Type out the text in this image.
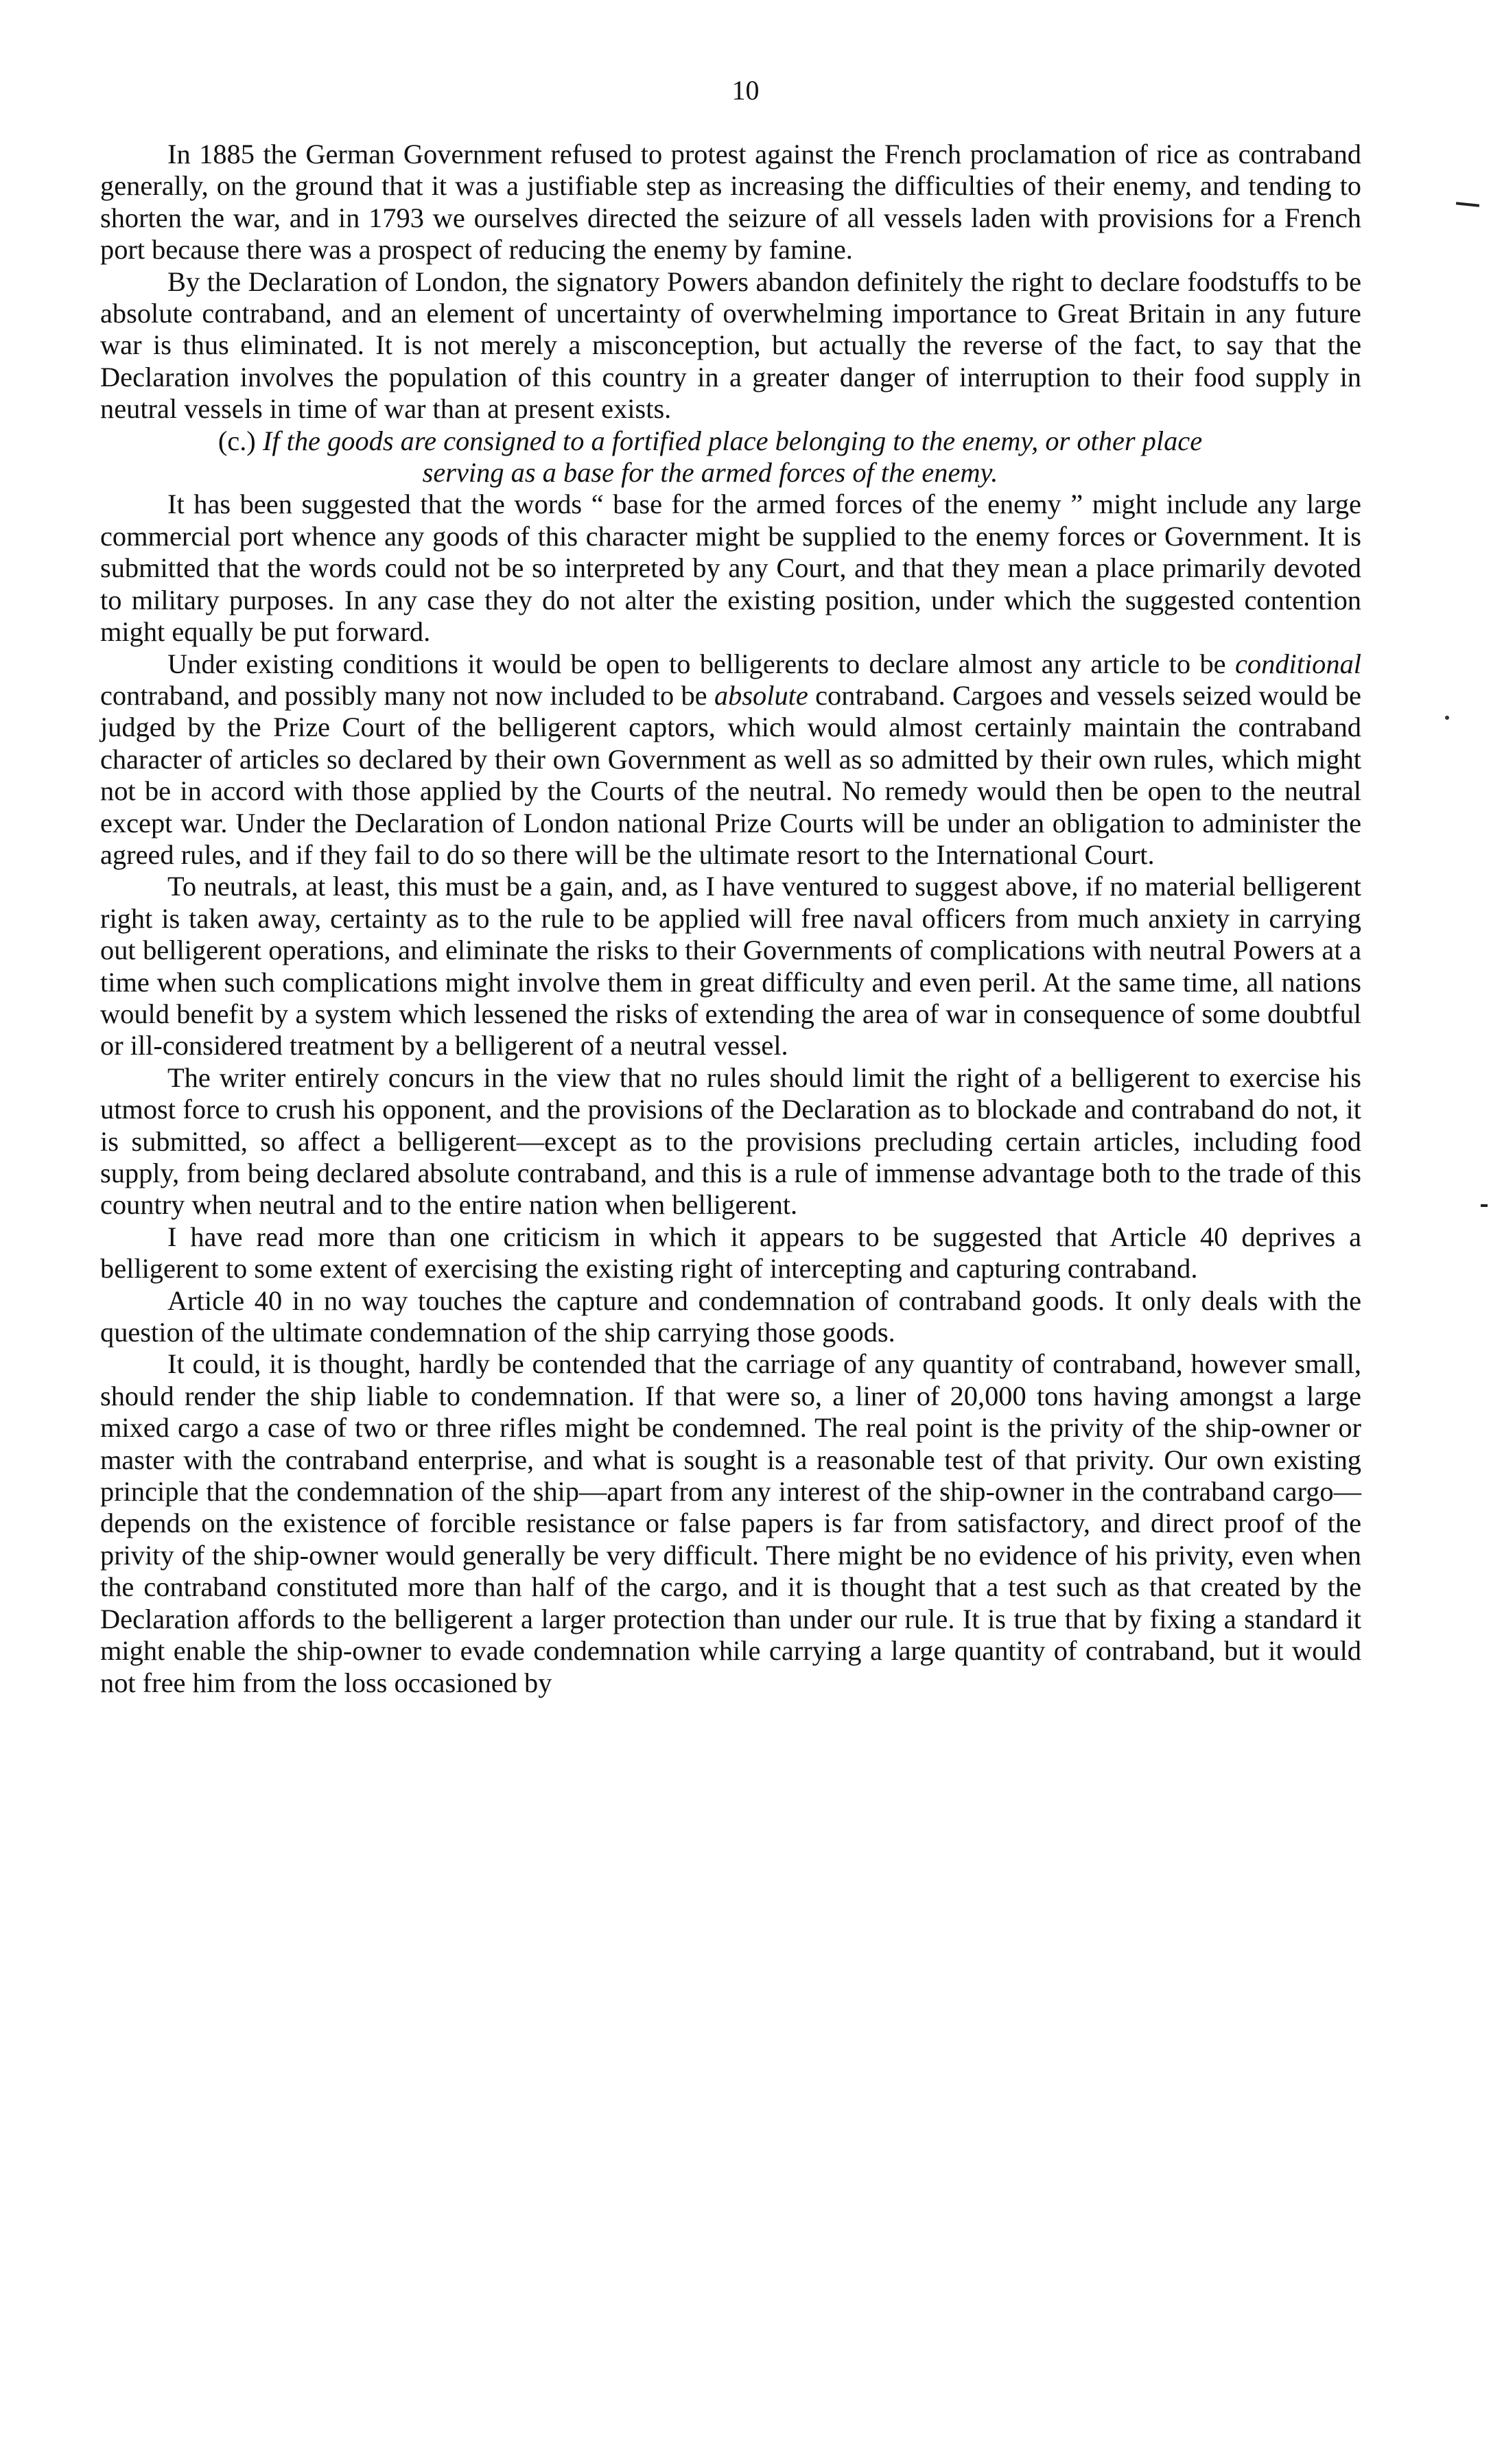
10

In 1885 the German Government refused to protest against the French proclamation of rice as contraband generally, on the ground that it was a justifiable step as increasing the difficulties of their enemy, and tending to shorten the war, and in 1793 we ourselves directed the seizure of all vessels laden with provisions for a French port because there was a prospect of reducing the enemy by famine.

By the Declaration of London, the signatory Powers abandon definitely the right to declare foodstuffs to be absolute contraband, and an element of uncertainty of overwhelming importance to Great Britain in any future war is thus eliminated. It is not merely a misconception, but actually the reverse of the fact, to say that the Declaration involves the population of this country in a greater danger of interruption to their food supply in neutral vessels in time of war than at present exists.

(c.) If the goods are consigned to a fortified place belonging to the enemy, or other place serving as a base for the armed forces of the enemy.

It has been suggested that the words “ base for the armed forces of the enemy ” might include any large commercial port whence any goods of this character might be supplied to the enemy forces or Government. It is submitted that the words could not be so interpreted by any Court, and that they mean a place primarily devoted to military purposes. In any case they do not alter the existing position, under which the suggested contention might equally be put forward.

Under existing conditions it would be open to belligerents to declare almost any article to be conditional contraband, and possibly many not now included to be absolute contraband. Cargoes and vessels seized would be judged by the Prize Court of the belligerent captors, which would almost certainly maintain the contraband character of articles so declared by their own Government as well as so admitted by their own rules, which might not be in accord with those applied by the Courts of the neutral. No remedy would then be open to the neutral except war. Under the Declaration of London national Prize Courts will be under an obligation to administer the agreed rules, and if they fail to do so there will be the ultimate resort to the International Court.

To neutrals, at least, this must be a gain, and, as I have ventured to suggest above, if no material belligerent right is taken away, certainty as to the rule to be applied will free naval officers from much anxiety in carrying out belligerent operations, and eliminate the risks to their Governments of complications with neutral Powers at a time when such complications might involve them in great difficulty and even peril. At the same time, all nations would benefit by a system which lessened the risks of extending the area of war in consequence of some doubtful or ill-considered treatment by a belligerent of a neutral vessel.

The writer entirely concurs in the view that no rules should limit the right of a belligerent to exercise his utmost force to crush his opponent, and the provisions of the Declaration as to blockade and contraband do not, it is submitted, so affect a belligerent—except as to the provisions precluding certain articles, including food supply, from being declared absolute contraband, and this is a rule of immense advantage both to the trade of this country when neutral and to the entire nation when belligerent.

I have read more than one criticism in which it appears to be suggested that Article 40 deprives a belligerent to some extent of exercising the existing right of intercepting and capturing contraband.

Article 40 in no way touches the capture and condemnation of contraband goods. It only deals with the question of the ultimate condemnation of the ship carrying those goods.

It could, it is thought, hardly be contended that the carriage of any quantity of contraband, however small, should render the ship liable to condemnation. If that were so, a liner of 20,000 tons having amongst a large mixed cargo a case of two or three rifles might be condemned. The real point is the privity of the ship-owner or master with the contraband enterprise, and what is sought is a reasonable test of that privity. Our own existing principle that the condemnation of the ship—apart from any interest of the ship-owner in the contraband cargo—depends on the existence of forcible resistance or false papers is far from satisfactory, and direct proof of the privity of the ship-owner would generally be very difficult. There might be no evidence of his privity, even when the contraband constituted more than half of the cargo, and it is thought that a test such as that created by the Declaration affords to the belligerent a larger protection than under our rule. It is true that by fixing a standard it might enable the ship-owner to evade condemnation while carrying a large quantity of contraband, but it would not free him from the loss occasioned by
